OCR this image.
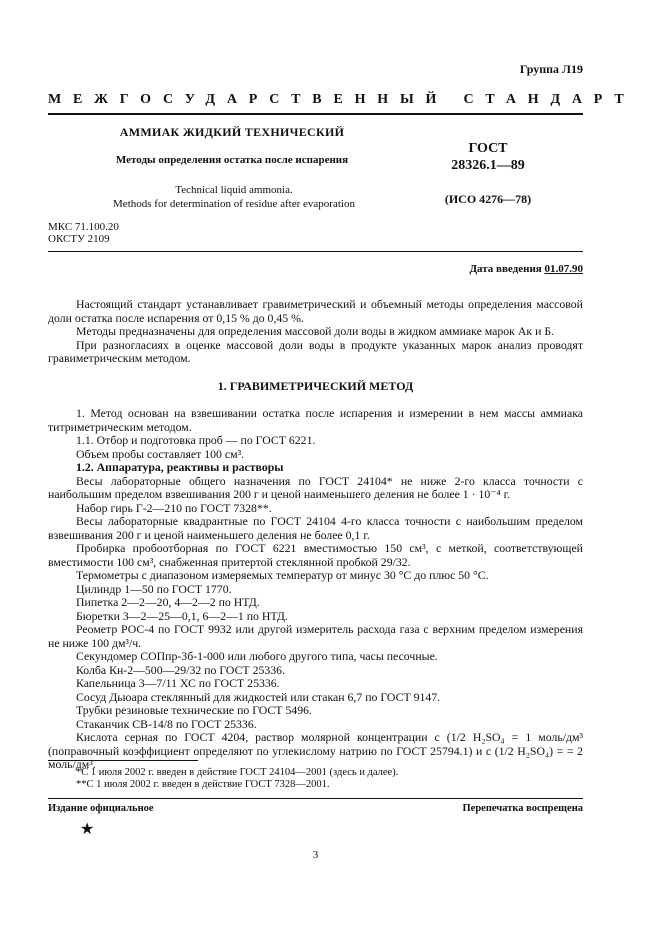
Группа Л19
МЕЖГОСУДАРСТВЕННЫЙ СТАНДАРТ
АММИАК ЖИДКИЙ ТЕХНИЧЕСКИЙ
Методы определения остатка после испарения
Technical liquid ammonia.
Methods for determination of residue after evaporation
ГОСТ
28326.1—89
(ИСО 4276—78)
МКС 71.100.20
ОКСТУ 2109
Дата введения 01.07.90

Настоящий стандарт устанавливает гравиметрический и объемный методы определения массовой доли остатка после испарения от 0,15 % до 0,45 %.

Методы предназначены для определения массовой доли воды в жидком аммиаке марок Ак и Б.

При разногласиях в оценке массовой доли воды в продукте указанных марок анализ проводят гравиметрическим методом.

1. ГРАВИМЕТРИЧЕСКИЙ МЕТОД

1. Метод основан на взвешивании остатка после испарения и измерении в нем массы аммиака титриметрическим методом.

1.1. Отбор и подготовка проб — по ГОСТ 6221.

Объем пробы составляет 100 см³.

1.2. Аппаратура, реактивы и растворы

Весы лабораторные общего назначения по ГОСТ 24104* не ниже 2-го класса точности с наибольшим пределом взвешивания 200 г и ценой наименьшего деления не более 1 · 10⁻⁴ г.

Набор гирь Г-2—210 по ГОСТ 7328**.

Весы лабораторные квадрантные по ГОСТ 24104 4-го класса точности с наибольшим пределом взвешивания 200 г и ценой наименьшего деления не более 0,1 г.

Пробирка пробоотборная по ГОСТ 6221 вместимостью 150 см³, с меткой, соответствующей вместимости 100 см³, снабженная притертой стеклянной пробкой 29/32.

Термометры с диапазоном измеряемых температур от минус 30 °С до плюс 50 °С.

Цилиндр 1—50 по ГОСТ 1770.

Пипетка 2—2—20, 4—2—2 по НТД.

Бюретки 3—2—25—0,1, 6—2—1 по НТД.

Реометр РОС-4 по ГОСТ 9932 или другой измеритель расхода газа с верхним пределом измерения не ниже 100 дм³/ч.

Секундомер СОПпр-3б-1-000 или любого другого типа, часы песочные.

Колба Кн-2—500—29/32 по ГОСТ 25336.

Капельница 3—7/11 ХС по ГОСТ 25336.

Сосуд Дьюара стеклянный для жидкостей или стакан 6,7 по ГОСТ 9147.

Трубки резиновые технические по ГОСТ 5496.

Стаканчик СВ-14/8 по ГОСТ 25336.

Кислота серная по ГОСТ 4204, раствор молярной концентрации с (1/2 H₂SO₄ = 1 моль/дм³ (поправочный коэффициент определяют по углекислому натрию по ГОСТ 25794.1) и с (1/2 H₂SO₄) = = 2 моль/дм³.

*С 1 июля 2002 г. введен в действие ГОСТ 24104—2001 (здесь и далее).

**С 1 июля 2002 г. введен в действие ГОСТ 7328—2001.

Издание официальное	Перепечатка воспрещена
★
3
